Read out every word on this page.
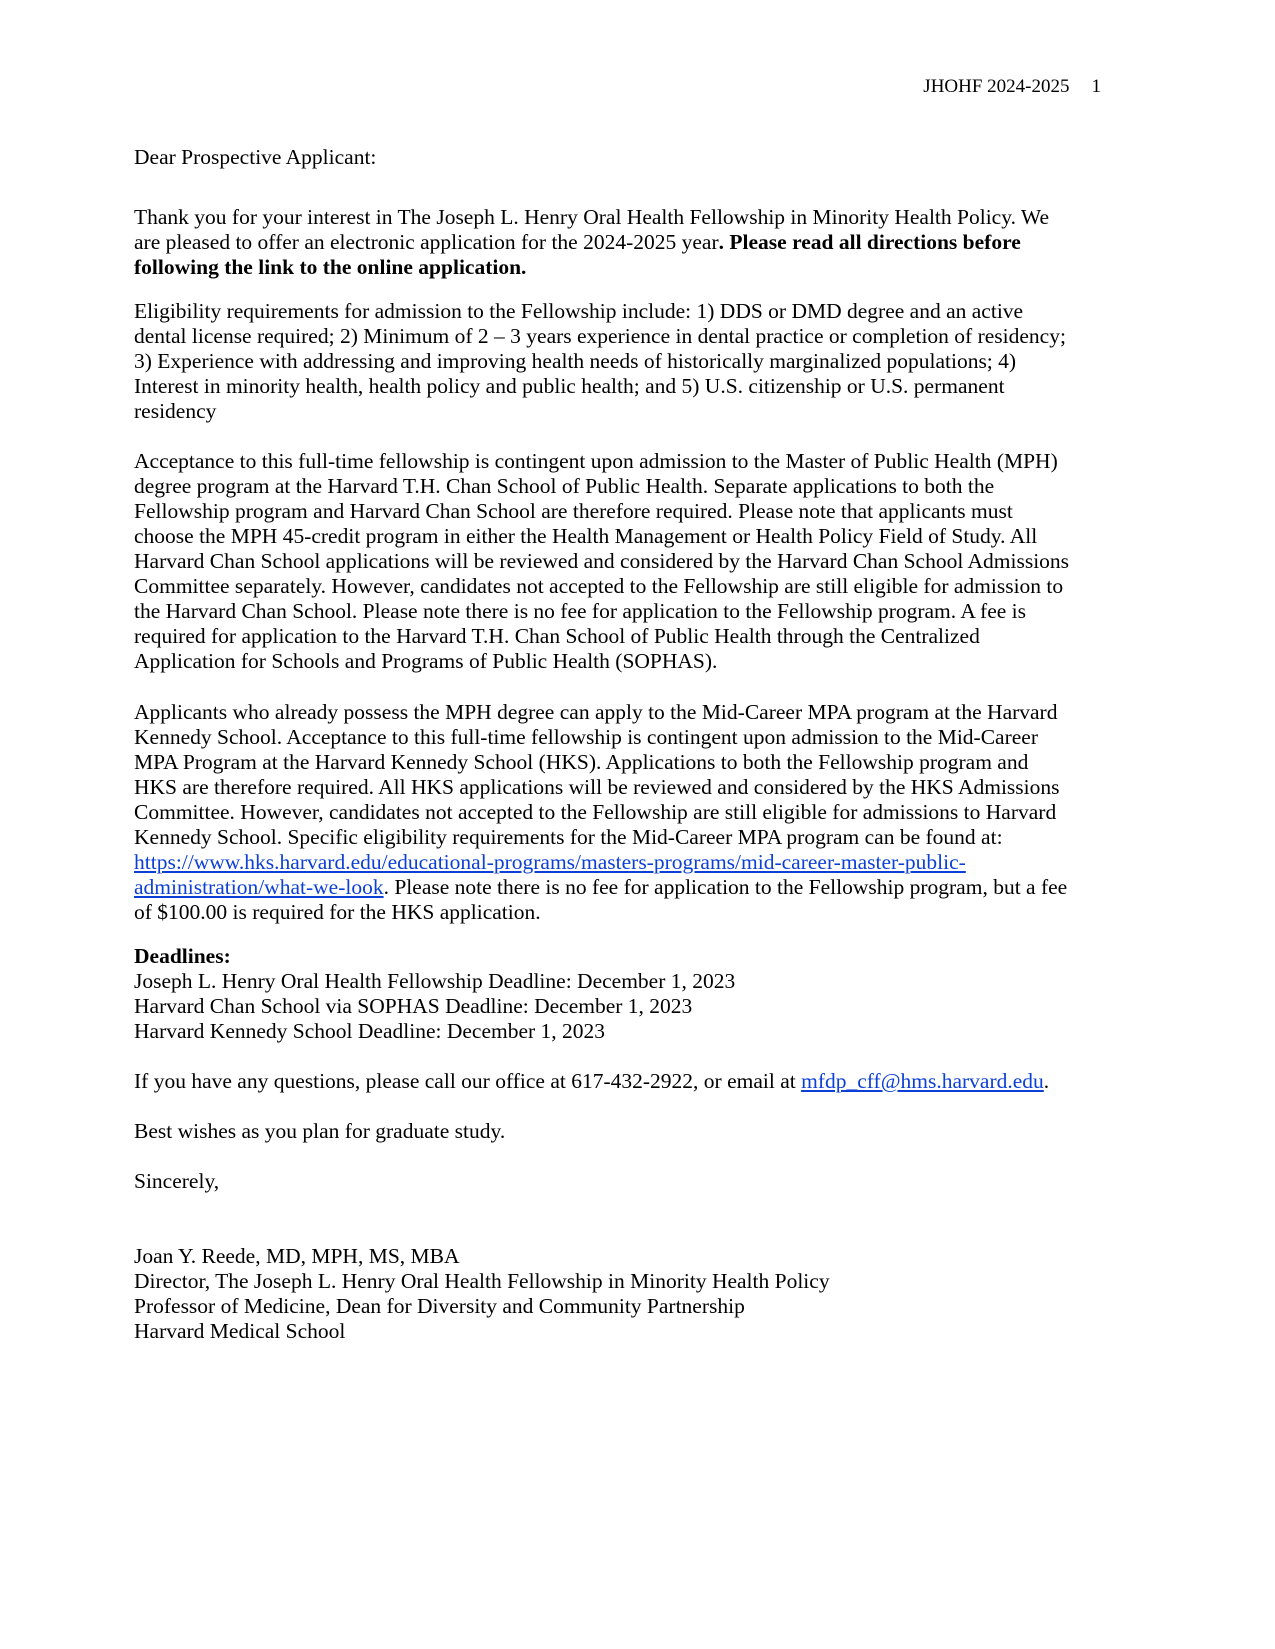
JHOHF 2024-2025 1
Dear Prospective Applicant:
Thank you for your interest in The Joseph L. Henry Oral Health Fellowship in Minority Health Policy. We
are pleased to offer an electronic application for the 2024-2025 year. Please read all directions before
following the link to the online application.
Eligibility requirements for admission to the Fellowship include: 1) DDS or DMD degree and an active
dental license required; 2) Minimum of 2 – 3 years experience in dental practice or completion of residency;
3) Experience with addressing and improving health needs of historically marginalized populations; 4)
Interest in minority health, health policy and public health; and 5) U.S. citizenship or U.S. permanent
residency
Acceptance to this full-time fellowship is contingent upon admission to the Master of Public Health (MPH)
degree program at the Harvard T.H. Chan School of Public Health. Separate applications to both the
Fellowship program and Harvard Chan School are therefore required. Please note that applicants must
choose the MPH 45-credit program in either the Health Management or Health Policy Field of Study. All
Harvard Chan School applications will be reviewed and considered by the Harvard Chan School Admissions
Committee separately. However, candidates not accepted to the Fellowship are still eligible for admission to
the Harvard Chan School. Please note there is no fee for application to the Fellowship program. A fee is
required for application to the Harvard T.H. Chan School of Public Health through the Centralized
Application for Schools and Programs of Public Health (SOPHAS).
Applicants who already possess the MPH degree can apply to the Mid-Career MPA program at the Harvard
Kennedy School. Acceptance to this full-time fellowship is contingent upon admission to the Mid-Career
MPA Program at the Harvard Kennedy School (HKS). Applications to both the Fellowship program and
HKS are therefore required. All HKS applications will be reviewed and considered by the HKS Admissions
Committee. However, candidates not accepted to the Fellowship are still eligible for admissions to Harvard
Kennedy School. Specific eligibility requirements for the Mid-Career MPA program can be found at:
https://www.hks.harvard.edu/educational-programs/masters-programs/mid-career-master-public-
administration/what-we-look. Please note there is no fee for application to the Fellowship program, but a fee
of $100.00 is required for the HKS application.
Deadlines:
Joseph L. Henry Oral Health Fellowship Deadline: December 1, 2023
Harvard Chan School via SOPHAS Deadline: December 1, 2023
Harvard Kennedy School Deadline: December 1, 2023
If you have any questions, please call our office at 617-432-2922, or email at mfdp_cff@hms.harvard.edu.
Best wishes as you plan for graduate study.
Sincerely,
Joan Y. Reede, MD, MPH, MS, MBA
Director, The Joseph L. Henry Oral Health Fellowship in Minority Health Policy
Professor of Medicine, Dean for Diversity and Community Partnership
Harvard Medical School
